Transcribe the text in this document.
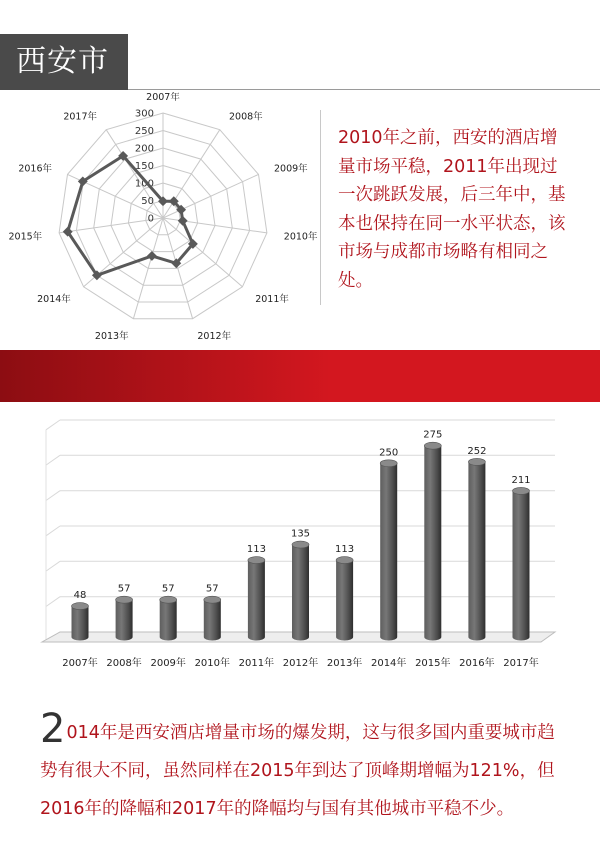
西安市
0
50
100
150
200
250
300
2007年
2008年
2009年
2010年
2011年
2012年
2013年
2014年
2015年
2016年
2017年
2010年之前，西安的酒店增量市场平稳，2011年出现过一次跳跃发展，后三年中，基本也保持在同一水平状态，该市场与成都市场略有相同之处。
西安市2007年—2017年增量分析
48
2007年
57
2008年
57
2009年
57
2010年
113
2011年
135
2012年
113
2013年
250
2014年
275
2015年
252
2016年
211
2017年
2014年是西安酒店增量市场的爆发期，这与很多国内重要城市趋
势有很大不同，虽然同样在2015年到达了顶峰期增幅为121%，但
2016年的降幅和2017年的降幅均与国有其他城市平稳不少。
